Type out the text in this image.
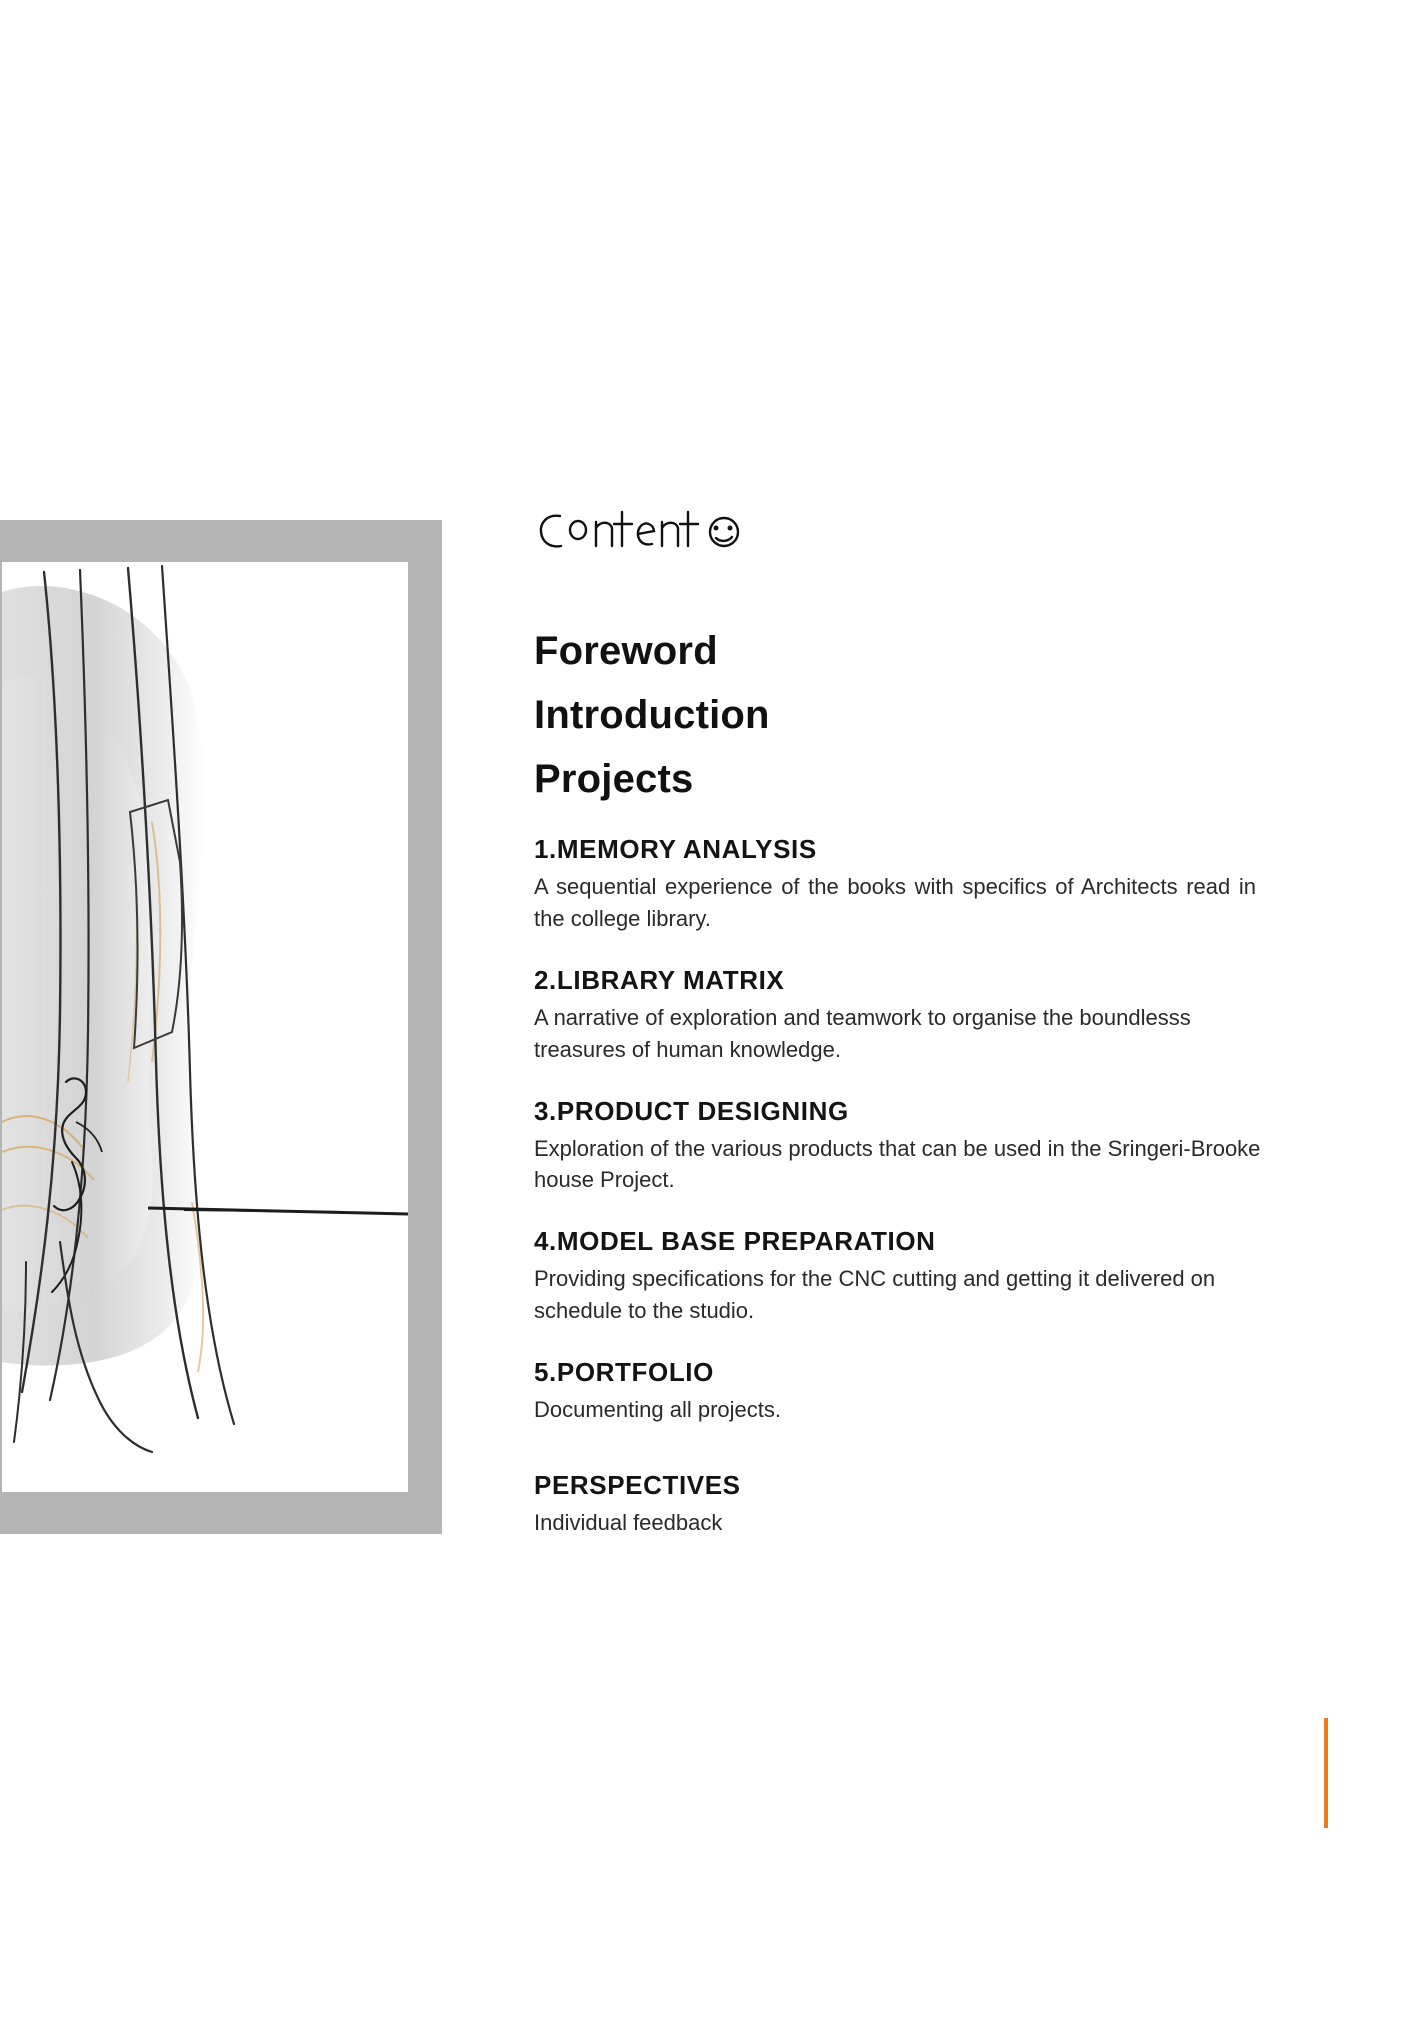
Foreword
Introduction
Projects
1.MEMORY ANALYSIS

A sequential experience of the books with specifics of Architects read in the college library.

2.LIBRARY MATRIX

A narrative of exploration and teamwork to organise the boundlesss treasures of human knowledge.

3.PRODUCT DESIGNING

Exploration of the various products that can be used in the Sringeri-Brooke house Project.

4.MODEL BASE PREPARATION

Providing specifications for the CNC cutting and getting it delivered on schedule to the studio.

5.PORTFOLIO

Documenting all projects.

PERSPECTIVES

Individual feedback
